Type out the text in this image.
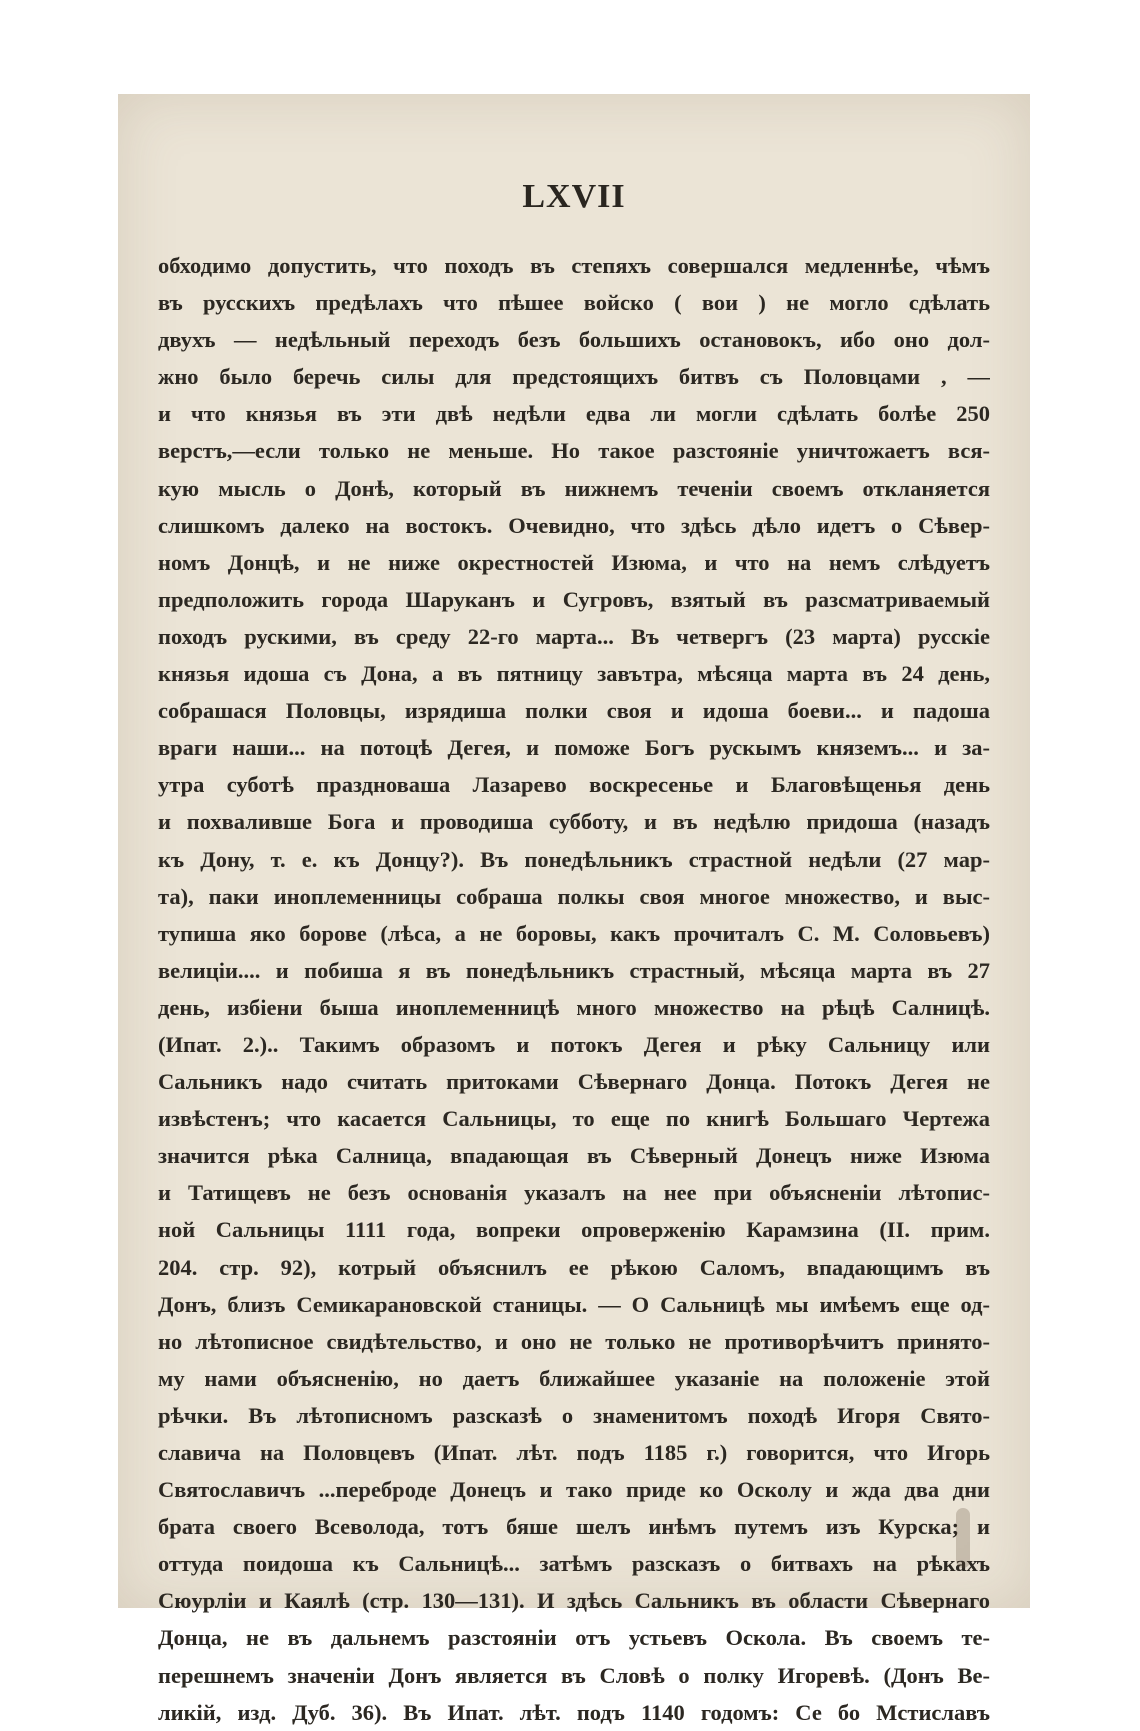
LXVII
обходимо допустить, что походъ въ степяхъ совершался медленнѣе, чѣмъ
въ русскихъ предѣлахъ что пѣшее войско ( вои ) не могло сдѣлать
двухъ — недѣльный переходъ безъ большихъ остановокъ, ибо оно дол-
жно было беречь силы для предстоящихъ битвъ съ Половцами , —
и что князья въ эти двѣ недѣли едва ли могли сдѣлать болѣе 250
верстъ,—если только не меньше. Но такое разстояніе уничтожаетъ вся-
кую мысль о Донѣ, который въ нижнемъ теченіи своемъ откланяется
слишкомъ далеко на востокъ. Очевидно, что здѣсь дѣло идетъ о Сѣвер-
номъ Донцѣ, и не ниже окрестностей Изюма, и что на немъ слѣдуетъ
предположить города Шаруканъ и Сугровъ, взятый въ разсматриваемый
походъ рускими, въ среду 22-го марта... Въ четвергъ (23 марта) русскіе
князья идоша съ Дона, а въ пятницу завътра, мѣсяца марта въ 24 день,
собрашася Половцы, изрядиша полки своя и идоша боеви... и падоша
враги наши... на потоцѣ Дегея, и поможе Богъ рускымъ княземъ... и за-
утра суботѣ праздноваша Лазарево воскресенье и Благовѣщенья день
и похваливше Бога и проводиша субботу, и въ недѣлю придоша (назадъ
къ Дону, т. е. къ Донцу?). Въ понедѣльникъ страстной недѣли (27 мар-
та), паки иноплеменницы собраша полкы своя многое множество, и выс-
тупиша яко борове (лѣса, а не боровы, какъ прочиталъ С. М. Соловьевъ)
велиціи.... и побиша я въ понедѣльникъ страстный, мѣсяца марта въ 27
день, избіени быша иноплеменницѣ много множество на рѣцѣ Салницѣ.
(Ипат. 2.).. Такимъ образомъ и потокъ Дегея и рѣку Сальницу или
Сальникъ надо считать притоками Сѣвернаго Донца. Потокъ Дегея не
извѣстенъ; что касается Сальницы, то еще по книгѣ Большаго Чертежа
значится рѣка Салница, впадающая въ Сѣверный Донецъ ниже Изюма
и Татищевъ не безъ основанія указалъ на нее при объясненіи лѣтопис-
ной Сальницы 1111 года, вопреки опроверженію Карамзина (II. прим.
204. стр. 92), котрый объяснилъ ее рѣкою Саломъ, впадающимъ въ
Донъ, близъ Семикарановской станицы. — О Сальницѣ мы имѣемъ еще од-
но лѣтописное свидѣтельство, и оно не только не противорѣчитъ принято-
му нами объясненію, но даетъ ближайшее указаніе на положеніе этой
рѣчки. Въ лѣтописномъ разсказѣ о знаменитомъ походѣ Игоря Свято-
славича на Половцевъ (Ипат. лѣт. подъ 1185 г.) говорится, что Игорь
Святославичъ ...переброде Донецъ и тако приде ко Осколу и жда два дни
брата своего Всеволода, тотъ бяше шелъ инѣмъ путемъ изъ Курска; и
оттуда поидоша къ Сальницѣ... затѣмъ разсказъ о битвахъ на рѣкахъ
Сюурліи и Каялѣ (стр. 130—131). И здѣсь Сальникъ въ области Сѣвернаго
Донца, не въ дальнемъ разстояніи отъ устьевъ Оскола. Въ своемъ те-
перешнемъ значеніи Донъ является въ Словѣ о полку Игоревѣ. (Донъ Ве-
ликій, изд. Дуб. 36). Въ Ипат. лѣт. подъ 1140 годомъ: Се бо Мстиславъ
